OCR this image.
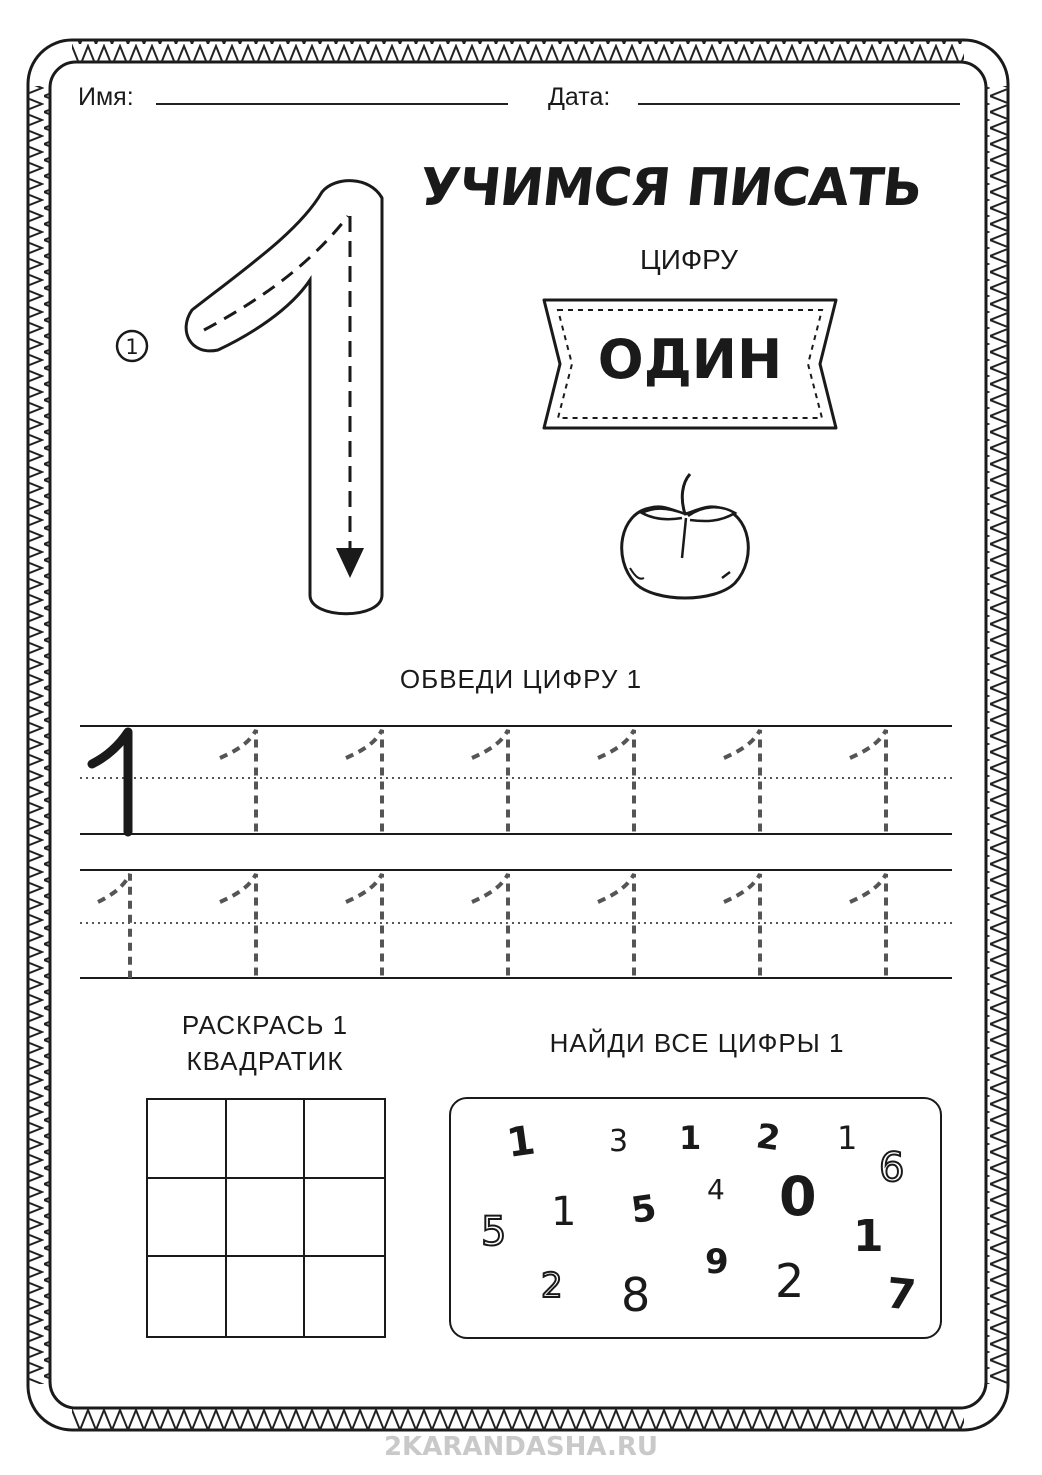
Имя:	Дата:
1
УЧИМСЯ ПИСАТЬ
ЦИФРУ
ОДИН
ОБВЕДИ ЦИФРУ 1
РАСКРАСЬ 1
КВАДРАТИК
НАЙДИ ВСЕ ЦИФРЫ 1
1 3 1 2 1
6
4 0
5 1 5
1
9
2	2
8	7
2KARANDASHA.RU
